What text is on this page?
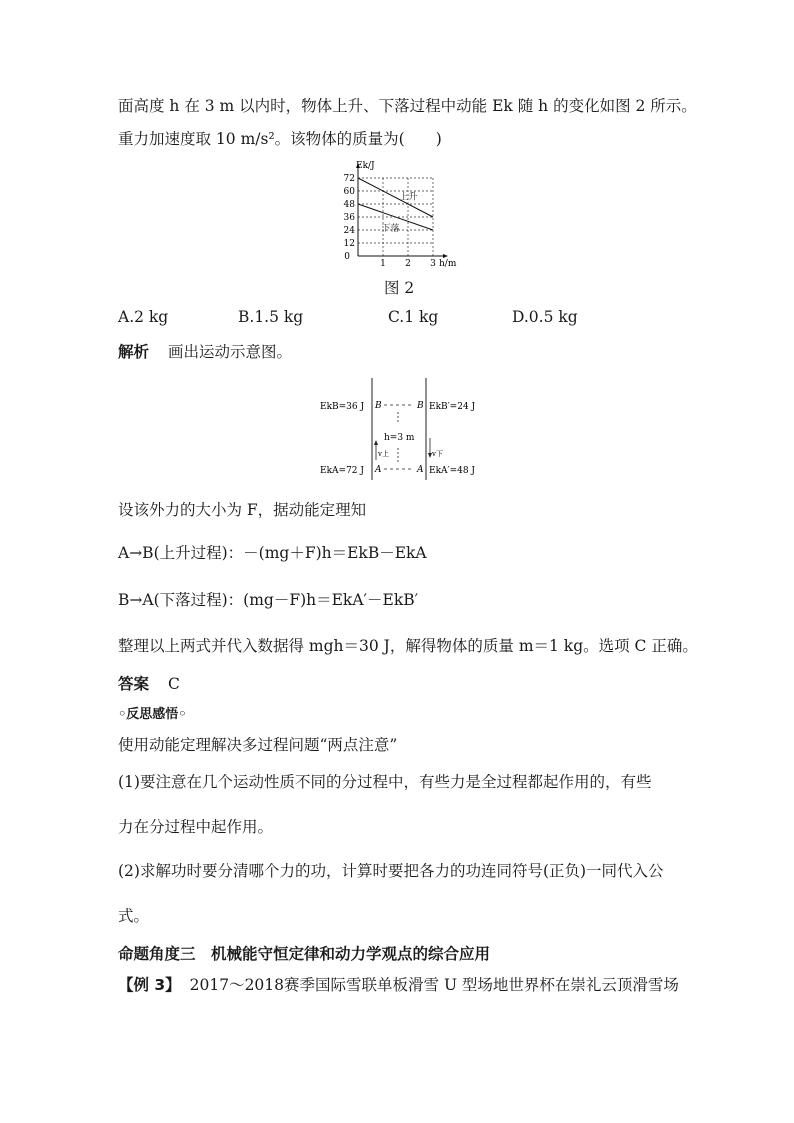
面高度 h 在 3 m 以内时，物体上升、下落过程中动能 Ek 随 h 的变化如图 2 所示。
重力加速度取 10 m/s²。该物体的质量为(　　)
12
24
36
48
60
72
1 2 3
0
Ek/J
h/m
上升
下落
图 2
A.2 kg	B.1.5 kg	C.1 kg	D.0.5 kg
解析 画出运动示意图。
EkB=36 J B	B EkB′=24 J
h=3 m
v上	v下
EkA=72 J A	A EkA′=48 J
设该外力的大小为 F，据动能定理知
A→B(上升过程)：－(mg＋F)h＝EkB－EkA
B→A(下落过程)：(mg－F)h＝EkA′－EkB′
整理以上两式并代入数据得 mgh＝30 J，解得物体的质量 m＝1 kg。选项 C 正确。
答案 C
◦反思感悟◦
使用动能定理解决多过程问题“两点注意”
(1)要注意在几个运动性质不同的分过程中，有些力是全过程都起作用的，有些
力在分过程中起作用。
(2)求解功时要分清哪个力的功，计算时要把各力的功连同符号(正负)一同代入公
式。
命题角度三　机械能守恒定律和动力学观点的综合应用
【例 3】 2017～2018赛季国际雪联单板滑雪 U 型场地世界杯在崇礼云顶滑雪场
